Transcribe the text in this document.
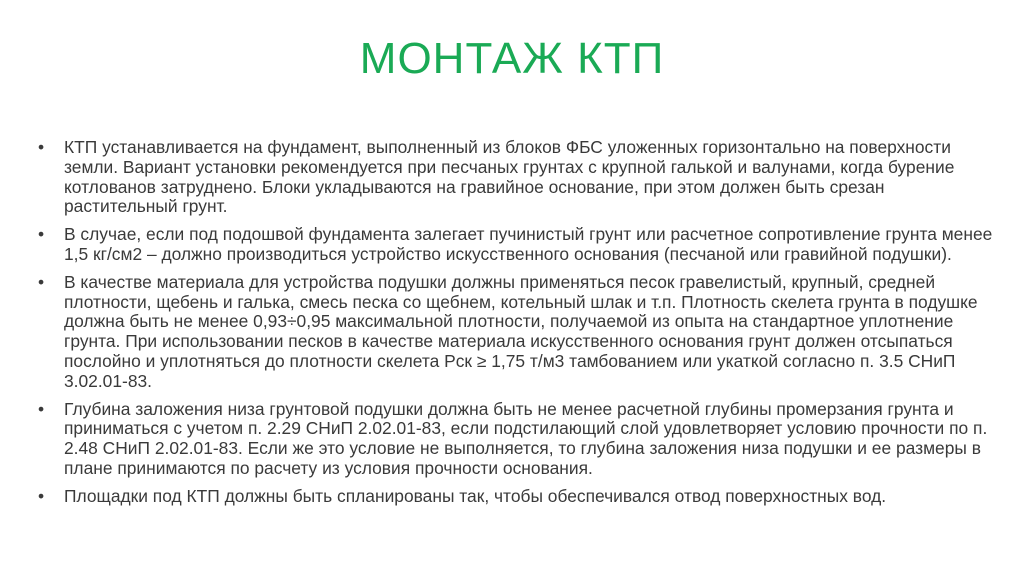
МОНТАЖ КТП
• КТП устанавливается на фундамент, выполненный из блоков ФБС уложенных горизонтально на поверхности земли. Вариант установки рекомендуется при песчаных грунтах с крупной галькой и валунами, когда бурение котлованов затруднено. Блоки укладываются на гравийное основание, при этом должен быть срезан растительный грунт.
• В случае, если под подошвой фундамента залегает пучинистый грунт или расчетное сопротивление грунта менее 1,5 кг/см2 – должно производиться устройство искусственного основания (песчаной или гравийной подушки).
• В качестве материала для устройства подушки должны применяться песок гравелистый, крупный, средней плотности, щебень и галька, смесь песка со щебнем, котельный шлак и т.п. Плотность скелета грунта в подушке должна быть не менее 0,93÷0,95 максимальной плотности, получаемой из опыта на стандартное уплотнение грунта. При использовании песков в качестве материала искусственного основания грунт должен отсыпаться послойно и уплотняться до плотности скелета Рск ≥ 1,75 т/м3 тамбованием или укаткой согласно п. 3.5 СНиП 3.02.01-83.
• Глубина заложения низа грунтовой подушки должна быть не менее расчетной глубины промерзания грунта и приниматься с учетом п. 2.29 СНиП 2.02.01-83, если подстилающий слой удовлетворяет условию прочности по п. 2.48 СНиП 2.02.01-83. Если же это условие не выполняется, то глубина заложения низа подушки и ее размеры в плане принимаются по расчету из условия прочности основания.
• Площадки под КТП должны быть спланированы так, чтобы обеспечивался отвод поверхностных вод.
